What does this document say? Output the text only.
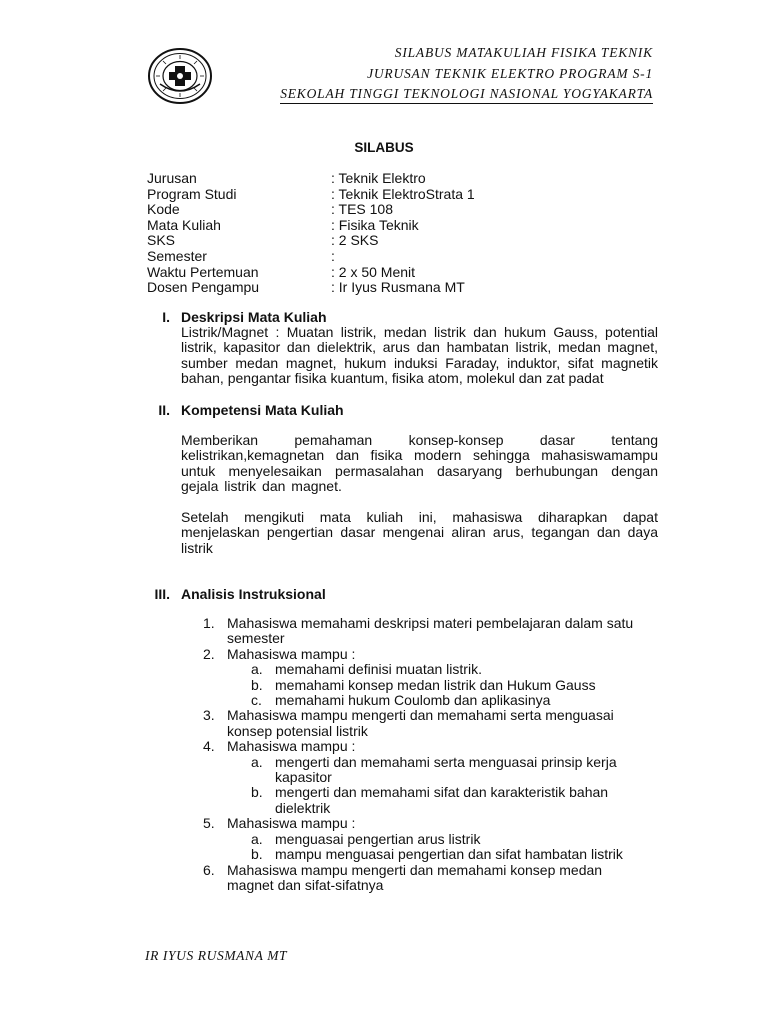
SILABUS MATAKULIAH FISIKA TEKNIK
JURUSAN TEKNIK ELEKTRO PROGRAM S-1
SEKOLAH TINGGI TEKNOLOGI NASIONAL YOGYAKARTA
SILABUS
Jurusan	: Teknik Elektro
Program Studi	: Teknik ElektroStrata 1
Kode	: TES 108
Mata Kuliah	: Fisika Teknik
SKS	: 2 SKS
Semester	:
Waktu Pertemuan	: 2 x 50 Menit
Dosen Pengampu	: Ir Iyus Rusmana MT
I. Deskripsi Mata Kuliah
Listrik/Magnet : Muatan listrik, medan listrik dan hukum Gauss, potential listrik, kapasitor dan dielektrik, arus dan hambatan listrik, medan magnet, sumber medan magnet, hukum induksi Faraday, induktor, sifat magnetik bahan, pengantar fisika kuantum, fisika atom, molekul dan zat padat
II. Kompetensi Mata Kuliah
Memberikan pemahaman konsep-konsep dasar tentang kelistrikan,kemagnetan dan fisika modern sehingga mahasiswamampu untuk menyelesaikan permasalahan dasaryang berhubungan dengan gejala listrik dan magnet.
Setelah mengikuti mata kuliah ini, mahasiswa diharapkan dapat menjelaskan pengertian dasar mengenai aliran arus, tegangan dan daya listrik
III. Analisis Instruksional
1. Mahasiswa memahami deskripsi materi pembelajaran dalam satu semester
2. Mahasiswa mampu :
a. memahami definisi muatan listrik.
b. memahami konsep medan listrik dan Hukum Gauss
c. memahami hukum Coulomb dan aplikasinya
3. Mahasiswa mampu mengerti dan memahami serta menguasai konsep potensial listrik
4. Mahasiswa mampu :
a. mengerti dan memahami serta menguasai prinsip kerja kapasitor
b. mengerti dan memahami sifat dan karakteristik bahan dielektrik
5. Mahasiswa mampu :
a. menguasai pengertian arus listrik
b. mampu menguasai pengertian dan sifat hambatan listrik
6. Mahasiswa mampu mengerti dan memahami konsep medan magnet dan sifat-sifatnya
IR IYUS RUSMANA MT
